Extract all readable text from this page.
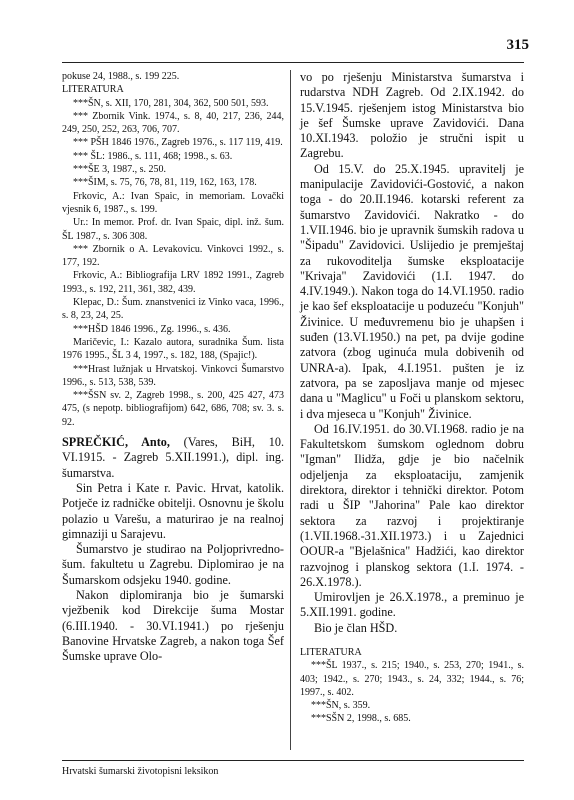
315

pokuse 24, 1988., s. 199 225.

LITERATURA

***ŠN, s. XII, 170, 281, 304, 362, 500 501, 593.

*** Zbornik Vink. 1974., s. 8, 40, 217, 236, 244, 249, 250, 252, 263, 706, 707.

*** PŠH 1846 1976., Zagreb 1976., s. 117 119, 419.

*** ŠL: 1986., s. 111, 468; 1998., s. 63.

***ŠE 3, 1987., s. 250.

***ŠIM, s. 75, 76, 78, 81, 119, 162, 163, 178.

Frkovic, A.: Ivan Spaic, in memoriam. Lovački vjesnik 6, 1987., s. 199.

Ur.: In memor. Prof. dr. Ivan Spaic, dipl. inž. šum. ŠL 1987., s. 306 308.

*** Zbornik o A. Levakovicu. Vinkovci 1992., s. 177, 192.

Frkovic, A.: Bibliografija LRV 1892 1991., Zagreb 1993., s. 192, 211, 361, 382, 439.

Klepac, D.: Šum. znanstvenici iz Vinko vaca, 1996., s. 8, 23, 24, 25.

***HŠD 1846 1996., Zg. 1996., s. 436.

Maričevic, I.: Kazalo autora, suradnika Šum. lista 1976 1995., ŠL 3 4, 1997., s. 182, 188, (Spajic!).

***Hrast lužnjak u Hrvatskoj. Vinkovci Šumarstvo 1996., s. 513, 538, 539.

***ŠSN sv. 2, Zagreb 1998., s. 200, 425 427, 473 475, (s nepotp. bibliografijom) 642, 686, 708; sv. 3. s. 92.

SPREČKIĆ, Anto, (Vares, BiH, 10. VI.1915. - Zagreb 5.XII.1991.), dipl. ing. šumarstva.

Sin Petra i Kate r. Pavic. Hrvat, katolik. Potječe iz radničke obitelji. Osnovnu je školu polazio u Varešu, a maturirao je na realnoj gimnaziji u Sarajevu.

Šumarstvo je studirao na Poljoprivredno-šum. fakultetu u Zagrebu. Diplomirao je na Šumarskom odsjeku 1940. godine.

Nakon diplomiranja bio je šumarski vježbenik kod Direkcije šuma Mostar (6.III.1940. - 30.VI.1941.) po rješenju Banovine Hrvatske Zagreb, a nakon toga Šef Šumske uprave Olo-

vo po rješenju Ministarstva šumarstva i rudarstva NDH Zagreb. Od 2.IX.1942. do 15.V.1945. rješenjem istog Ministarstva bio je šef Šumske uprave Zavidovići. Dana 10.XI.1943. položio je stručni ispit u Zagrebu.

Od 15.V. do 25.X.1945. upravitelj je manipulacije Zavidovići-Gostović, a nakon toga - do 20.II.1946. kotarski referent za šumarstvo Zavidovići. Nakratko - do 1.VII.1946. bio je upravnik šumskih radova u "Šipadu" Zavidovici. Uslijedio je premještaj za rukovoditelja šumske eksploatacije "Krivaja" Zavidovići (1.I. 1947. do 4.IV.1949.). Nakon toga do 14.VI.1950. radio je kao šef eksploatacije u poduzeću "Konjuh" Živinice. U međuvremenu bio je uhapšen i suđen (13.VI.1950.) na pet, pa dvije godine zatvora (zbog uginuća mula dobivenih od UNRA-a). Ipak, 4.I.1951. pušten je iz zatvora, pa se zaposljava manje od mjesec dana u "Maglicu" u Foči u planskom sektoru, i dva mjeseca u "Konjuh" Živinice.

Od 16.IV.1951. do 30.VI.1968. radio je na Fakultetskom šumskom oglednom dobru "Igman" Ilidža, gdje je bio načelnik odjeljenja za eksploataciju, zamjenik direktora, direktor i tehnički direktor. Potom radi u ŠIP "Jahorina" Pale kao direktor sektora za razvoj i projektiranje (1.VII.1968.-31.XII.1973.) i u Zajednici OOUR-a "Bjelašnica" Hadžići, kao direktor razvojnog i planskog sektora (1.I. 1974. - 26.X.1978.).

Umirovljen je 26.X.1978., a preminuo je 5.XII.1991. godine.

Bio je član HŠD.

LITERATURA

***ŠL 1937., s. 215; 1940., s. 253, 270; 1941., s. 403; 1942., s. 270; 1943., s. 24, 332; 1944., s. 76; 1997., s. 402.

***ŠN, s. 359.

***SŠN 2, 1998., s. 685.

Hrvatski šumarski životopisni leksikon
